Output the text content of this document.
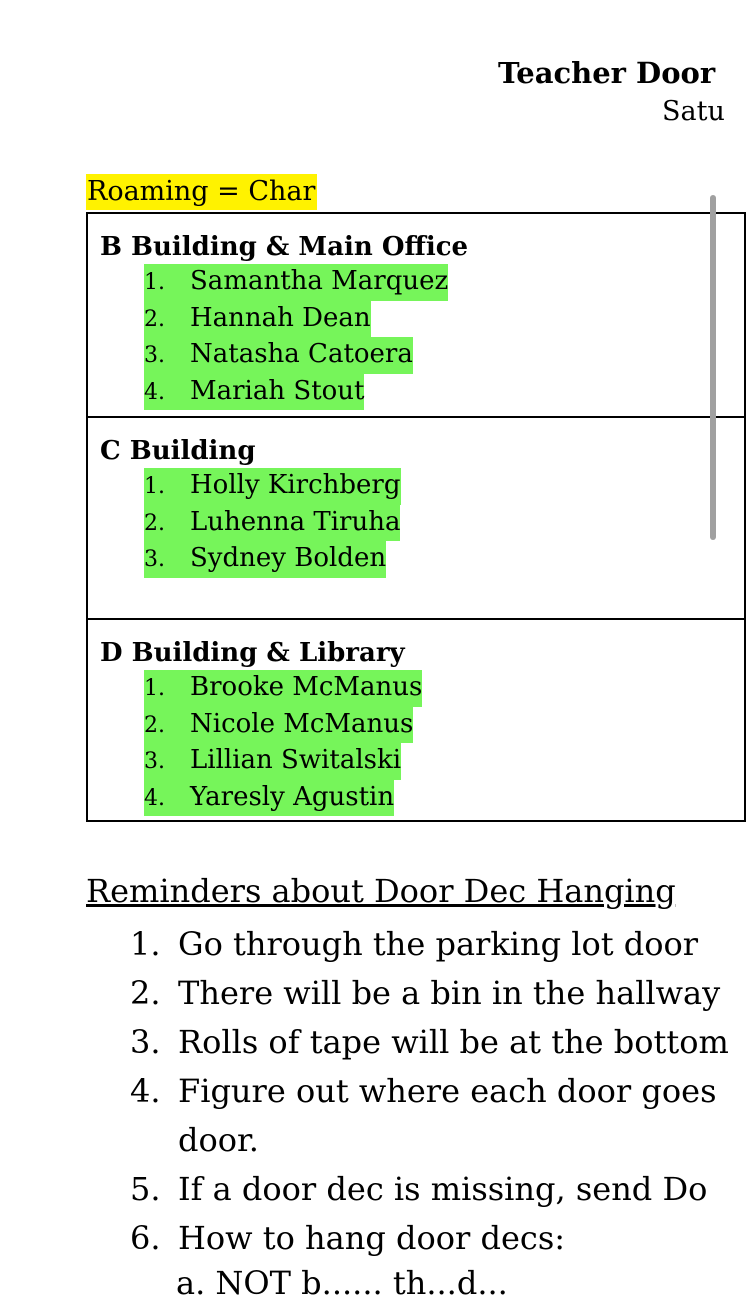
Teacher Door
Satu
Roaming = Char

B Building & Main Office

1. Samantha Marquez
2. Hannah Dean
3. Natasha Catoera
4. Mariah Stout

C Building

1. Holly Kirchberg
2. Luhenna Tiruha
3. Sydney Bolden

D Building & Library

1. Brooke McManus
2. Nicole McManus
3. Lillian Switalski
4. Yaresly Agustin
Reminders about Door Dec Hanging
1. Go through the parking lot door
2. There will be a bin in the hallway
3. Rolls of tape will be at the bottom
4. Figure out where each door goes
door.
5. If a door dec is missing, send Do
6. How to hang door decs:
a. NOT b...... th...d...
